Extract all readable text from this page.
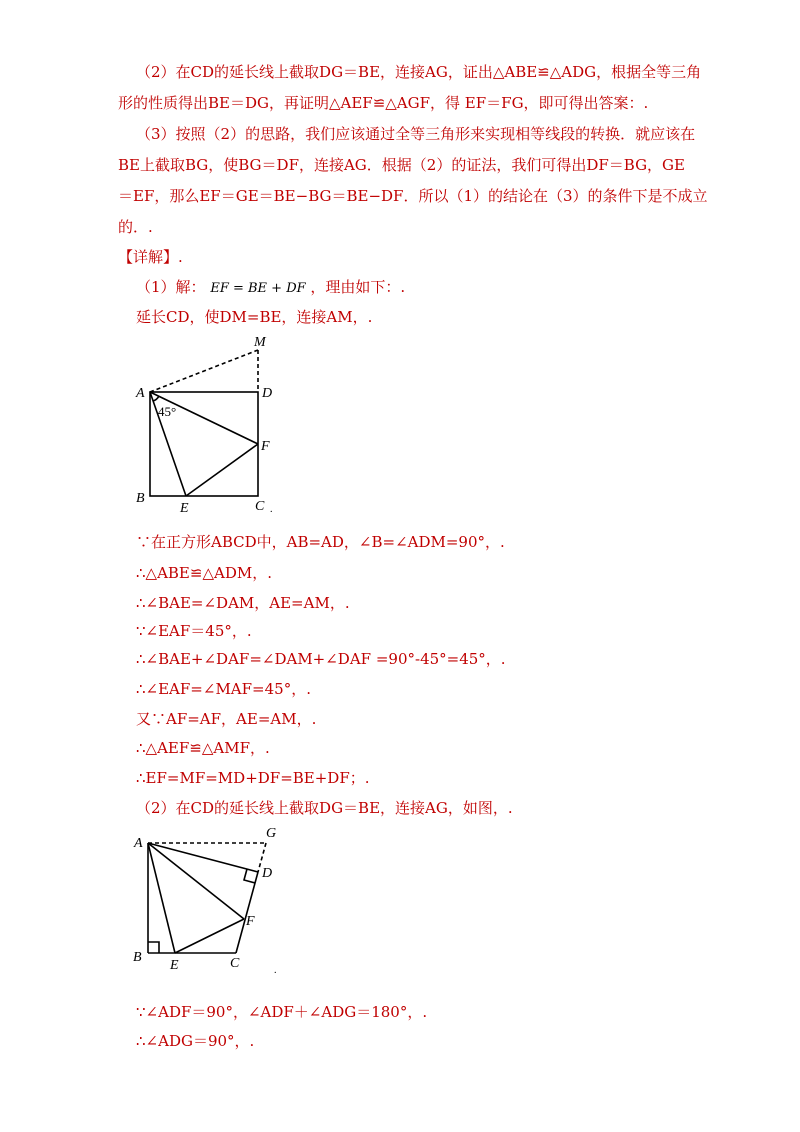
（2）在CD的延长线上截取DG＝BE，连接AG，证出△ABE≌△ADG，根据全等三角
形的性质得出BE＝DG，再证明△AEF≌△AGF，得 EF＝FG，即可得出答案：.
（3）按照（2）的思路，我们应该通过全等三角形来实现相等线段的转换．就应该在
BE上截取BG，使BG＝DF，连接AG．根据（2）的证法，我们可得出DF＝BG，GE
＝EF，那么EF＝GE＝BE−BG＝BE−DF．所以（1）的结论在（3）的条件下是不成立
的．.
【详解】.
（1）解： EF = BE + DF ，理由如下：.
延长CD，使DM=BE，连接AM，.
A	D
M
F
B
C
E
45°
.
∵在正方形ABCD中，AB=AD，∠B=∠ADM=90°，.
∴△ABE≌△ADM，.
∴∠BAE=∠DAM，AE=AM，.
∵∠EAF＝45°，.
∴∠BAE+∠DAF=∠DAM+∠DAF =90°-45°=45°，.
∴∠EAF=∠MAF=45°，.
又∵AF=AF，AE=AM，.
∴△AEF≌△AMF，.
∴EF=MF=MD+DF=BE+DF；.
（2）在CD的延长线上截取DG＝BE，连接AG，如图，.
A
G
D
F
B
E	C	.
∵∠ADF＝90°，∠ADF＋∠ADG＝180°，.
∴∠ADG＝90°，.
